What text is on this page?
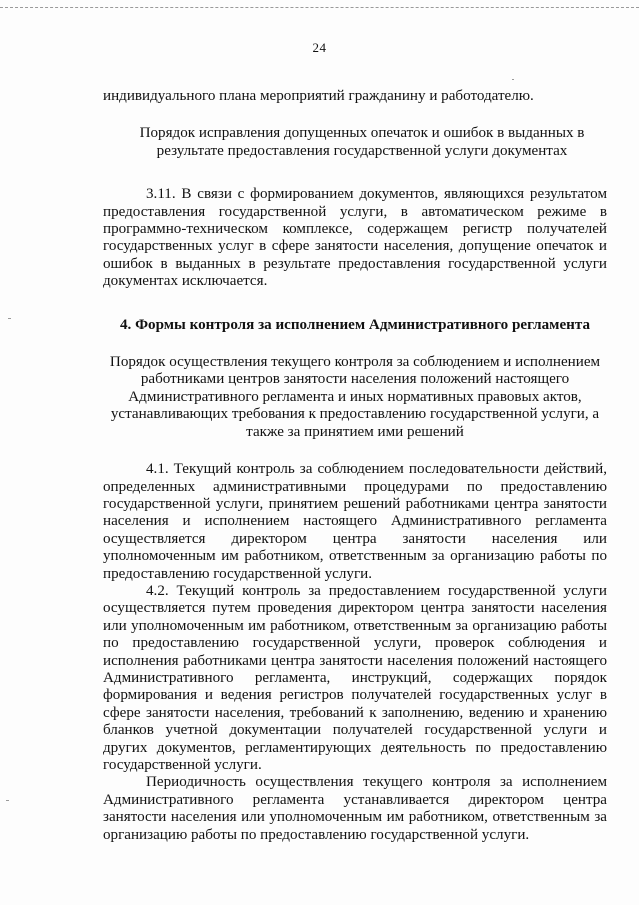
24

индивидуального плана мероприятий гражданину и работодателю.

Порядок исправления допущенных опечаток и ошибок в выданных в результате предоставления государственной услуги документах

3.11. В связи с формированием документов, являющихся результатом предоставления государственной услуги, в автоматическом режиме в программно-техническом комплексе, содержащем регистр получателей государственных услуг в сфере занятости населения, допущение опечаток и ошибок в выданных в результате предоставления государственной услуги документах исключается.

4. Формы контроля за исполнением Административного регламента

Порядок осуществления текущего контроля за соблюдением и исполнением работниками центров занятости населения положений настоящего Административного регламента и иных нормативных правовых актов, устанавливающих требования к предоставлению государственной услуги, а также за принятием ими решений

4.1. Текущий контроль за соблюдением последовательности действий, определенных административными процедурами по предоставлению государственной услуги, принятием решений работниками центра занятости населения и исполнением настоящего Административного регламента осуществляется директором центра занятости населения или уполномоченным им работником, ответственным за организацию работы по предоставлению государственной услуги.

4.2. Текущий контроль за предоставлением государственной услуги осуществляется путем проведения директором центра занятости населения или уполномоченным им работником, ответственным за организацию работы по предоставлению государственной услуги, проверок соблюдения и исполнения работниками центра занятости населения положений настоящего Административного регламента, инструкций, содержащих порядок формирования и ведения регистров получателей государственных услуг в сфере занятости населения, требований к заполнению, ведению и хранению бланков учетной документации получателей государственной услуги и других документов, регламентирующих деятельность по предоставлению государственной услуги.

Периодичность осуществления текущего контроля за исполнением Административного регламента устанавливается директором центра занятости населения или уполномоченным им работником, ответственным за организацию работы по предоставлению государственной услуги.
